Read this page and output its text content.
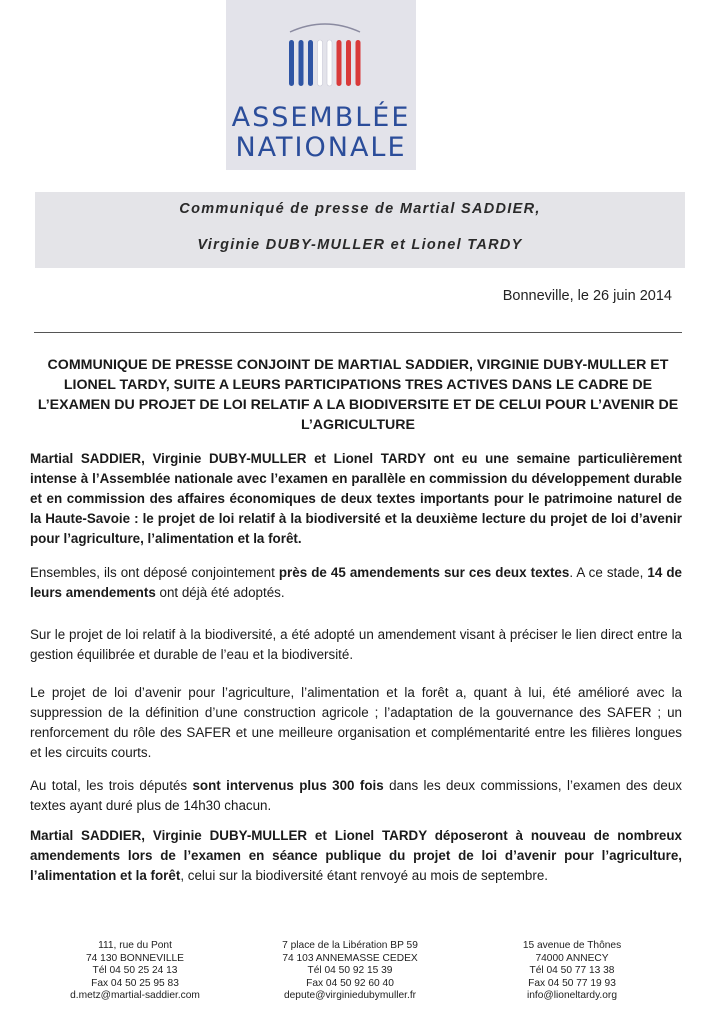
ASSEMBLÉE
NATIONALE
Communiqué de presse de Martial SADDIER,
Virginie DUBY-MULLER et Lionel TARDY
Bonneville, le 26 juin 2014
COMMUNIQUE DE PRESSE CONJOINT DE MARTIAL SADDIER, VIRGINIE DUBY-MULLER ET LIONEL TARDY, SUITE A LEURS PARTICIPATIONS TRES ACTIVES DANS LE CADRE DE L’EXAMEN DU PROJET DE LOI RELATIF A LA BIODIVERSITE ET DE CELUI POUR L’AVENIR DE L’AGRICULTURE

Martial SADDIER, Virginie DUBY-MULLER et Lionel TARDY ont eu une semaine particulièrement intense à l’Assemblée nationale avec l’examen en parallèle en commission du développement durable et en commission des affaires économiques de deux textes importants pour le patrimoine naturel de la Haute-Savoie : le projet de loi relatif à la biodiversité et la deuxième lecture du projet de loi d’avenir pour l’agriculture, l’alimentation et la forêt.

Ensembles, ils ont déposé conjointement près de 45 amendements sur ces deux textes. A ce stade, 14 de leurs amendements ont déjà été adoptés.

Sur le projet de loi relatif à la biodiversité, a été adopté un amendement visant à préciser le lien direct entre la gestion équilibrée et durable de l’eau et la biodiversité.

Le projet de loi d’avenir pour l’agriculture, l’alimentation et la forêt a, quant à lui, été amélioré avec la suppression de la définition d’une construction agricole ; l’adaptation de la gouvernance des SAFER ; un renforcement du rôle des SAFER et une meilleure organisation et complémentarité entre les filières longues et les circuits courts.

Au total, les trois députés sont intervenus plus 300 fois dans les deux commissions, l’examen des deux textes ayant duré plus de 14h30 chacun.

Martial SADDIER, Virginie DUBY-MULLER et Lionel TARDY déposeront à nouveau de nombreux amendements lors de l’examen en séance publique du projet de loi d’avenir pour l’agriculture, l’alimentation et la forêt, celui sur la biodiversité étant renvoyé au mois de septembre.

111, rue du Pont
74 130 BONNEVILLE
Tél 04 50 25 24 13
Fax 04 50 25 95 83
d.metz@martial-saddier.com
7 place de la Libération BP 59
74 103 ANNEMASSE CEDEX
Tél 04 50 92 15 39
Fax 04 50 92 60 40
depute@virginiedubymuller.fr
15 avenue de Thônes
74000 ANNECY
Tél 04 50 77 13 38
Fax 04 50 77 19 93
info@lioneltardy.org
